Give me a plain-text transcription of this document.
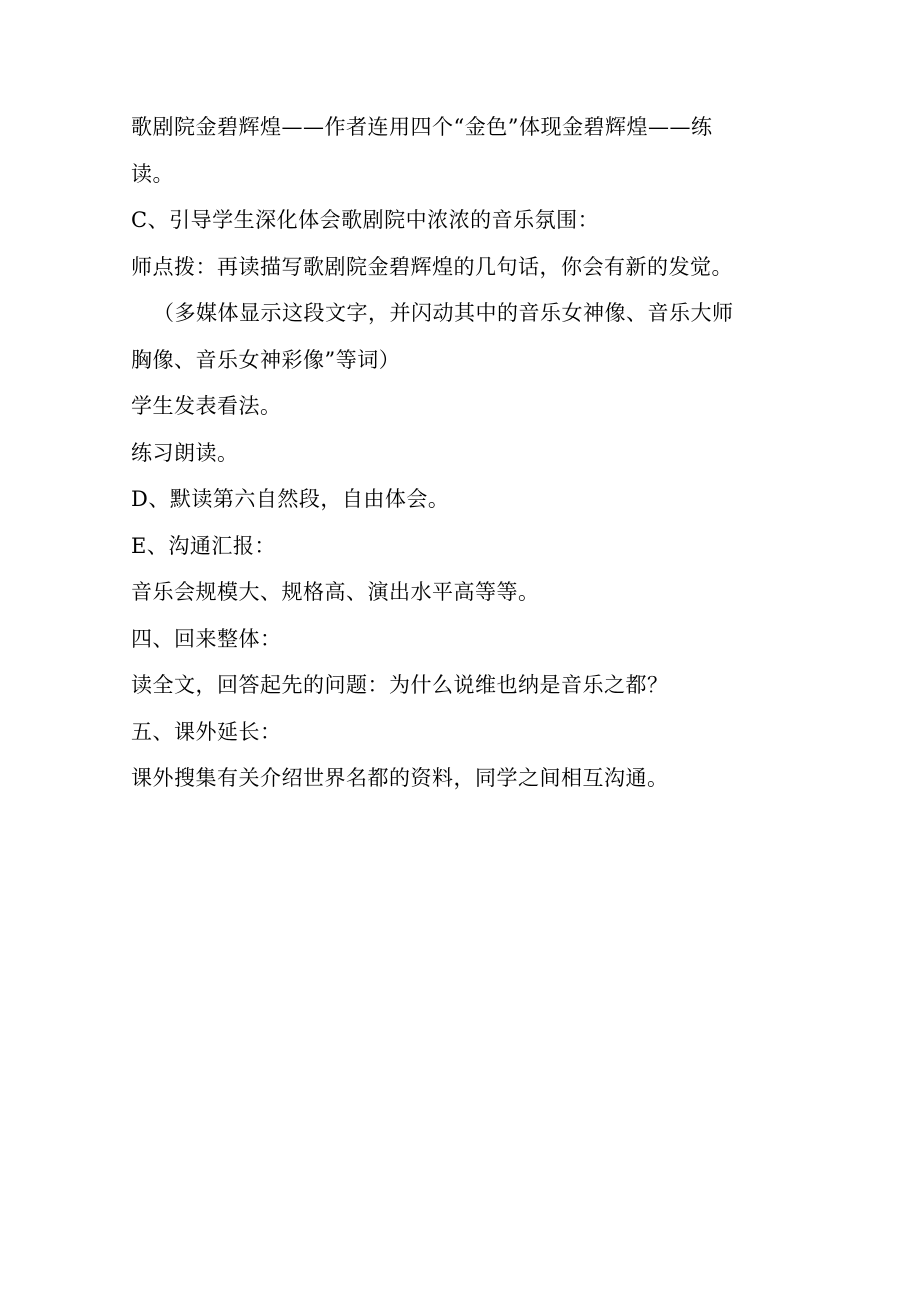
歌剧院金碧辉煌——作者连用四个“金色”体现金碧辉煌——练
读。
C、引导学生深化体会歌剧院中浓浓的音乐氛围：
师点拨：再读描写歌剧院金碧辉煌的几句话，你会有新的发觉。
（多媒体显示这段文字，并闪动其中的音乐女神像、音乐大师
胸像、音乐女神彩像”等词）
学生发表看法。
练习朗读。
D、默读第六自然段，自由体会。
E、沟通汇报：
音乐会规模大、规格高、演出水平高等等。
四、回来整体：
读全文，回答起先的问题：为什么说维也纳是音乐之都？
五、课外延长：
课外搜集有关介绍世界名都的资料，同学之间相互沟通。
